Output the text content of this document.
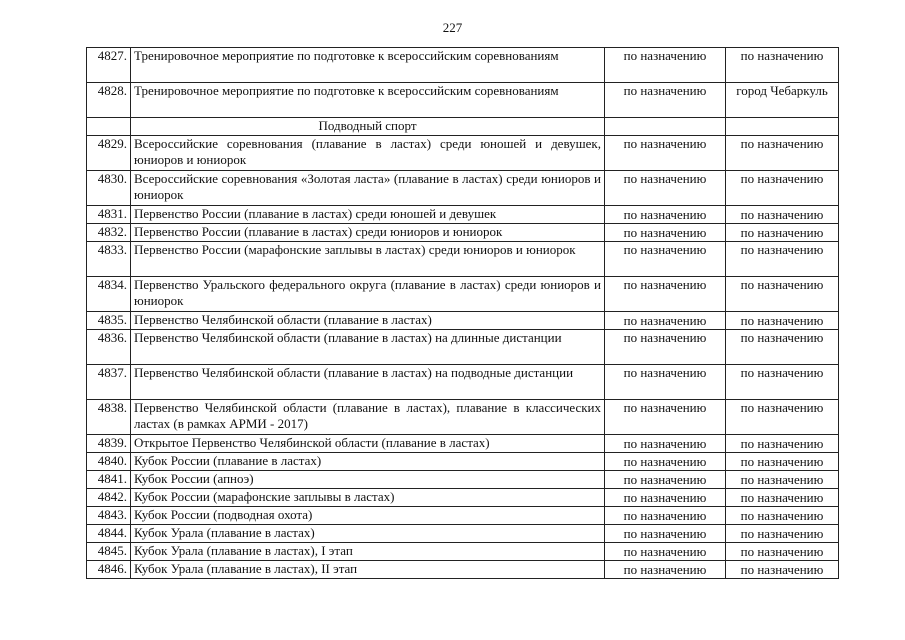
227
4827.	Тренировочное мероприятие по подготовке к всероссийским соревнованиям	по назначению	по назначению
4828.	Тренировочное мероприятие по подготовке к всероссийским соревнованиям	по назначению	город Чебаркуль
	Подводный спорт		
4829.	Всероссийские соревнования (плавание в ластах) среди юношей и девушек, юниоров и юниорок	по назначению	по назначению
4830.	Всероссийские соревнования «Золотая ласта» (плавание в ластах) среди юниоров и юниорок	по назначению	по назначению
4831.	Первенство России (плавание в ластах) среди юношей и девушек	по назначению	по назначению
4832.	Первенство России (плавание в ластах) среди юниоров и юниорок	по назначению	по назначению
4833.	Первенство России (марафонские заплывы в ластах) среди юниоров и юниорок	по назначению	по назначению
4834.	Первенство Уральского федерального округа (плавание в ластах) среди юниоров и юниорок	по назначению	по назначению
4835.	Первенство Челябинской области (плавание в ластах)	по назначению	по назначению
4836.	Первенство Челябинской области (плавание в ластах) на длинные дистанции	по назначению	по назначению
4837.	Первенство Челябинской области (плавание в ластах) на подводные дистанции	по назначению	по назначению
4838.	Первенство Челябинской области (плавание в ластах), плавание в классических ластах (в рамках АРМИ - 2017)	по назначению	по назначению
4839.	Открытое Первенство Челябинской области (плавание в ластах)	по назначению	по назначению
4840.	Кубок России (плавание в ластах)	по назначению	по назначению
4841.	Кубок России (апноэ)	по назначению	по назначению
4842.	Кубок России (марафонские заплывы в ластах)	по назначению	по назначению
4843.	Кубок России (подводная охота)	по назначению	по назначению
4844.	Кубок Урала (плавание в ластах)	по назначению	по назначению
4845.	Кубок Урала (плавание в ластах), I этап	по назначению	по назначению
4846.	Кубок Урала (плавание в ластах), II этап	по назначению	по назначению
